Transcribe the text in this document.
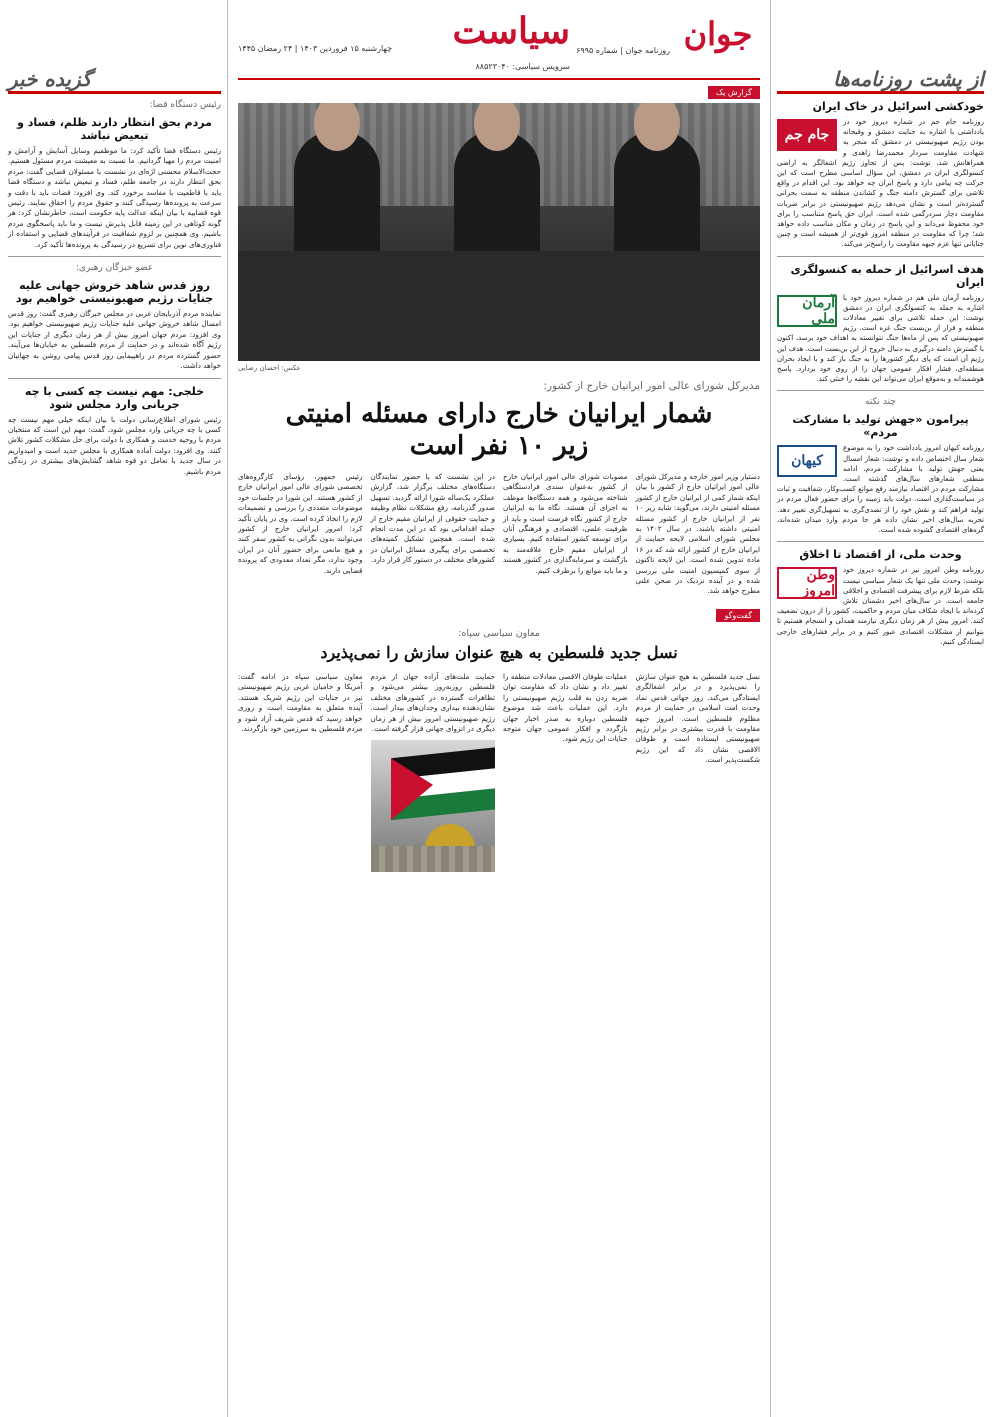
از پشت روزنامه‌ها
خودکشی اسرائیل در خاک ایران
جام جم
روزنامه جام جم در شماره دیروز خود در یادداشتی با اشاره به جنایت دمشق و وقیحانه بودن رژیم صهیونیستی در دمشق که منجر به شهادت مقاومت سردار محمدرضا زاهدی و همراهانش شد، نوشت: پس از تجاوز رژیم اشغالگر به اراضی کنسولگری ایران در دمشق، این سؤال اساسی مطرح است که این حرکت چه پیامی دارد و پاسخ ایران چه خواهد بود. این اقدام در واقع تلاشی برای گسترش دامنه جنگ و کشاندن منطقه به سمت بحرانی گسترده‌تر است و نشان می‌دهد رژیم صهیونیستی در برابر ضربات مقاومت دچار سردرگمی شده است. ایران حق پاسخ متناسب را برای خود محفوظ می‌داند و این پاسخ در زمان و مکان مناسب داده خواهد شد؛ چرا که مقاومت در منطقه امروز قوی‌تر از همیشه است و چنین جنایاتی تنها عزم جبهه مقاومت را راسخ‌تر می‌کند.
هدف اسرائیل از حمله به کنسولگری ایران
آرمان ملی
روزنامه آرمان ملی هم در شماره دیروز خود با اشاره به حمله به کنسولگری ایران در دمشق نوشت: این حمله تلاشی برای تغییر معادلات منطقه و فرار از بن‌بست جنگ غزه است. رژیم صهیونیستی که پس از ماه‌ها جنگ نتوانسته به اهداف خود برسد، اکنون با گسترش دامنه درگیری به دنبال خروج از این بن‌بست است. هدف این رژیم آن است که پای دیگر کشورها را به جنگ باز کند و با ایجاد بحران منطقه‌ای، فشار افکار عمومی جهان را از روی خود بردارد. پاسخ هوشمندانه و به‌موقع ایران می‌تواند این نقشه را خنثی کند.
چند نکته
پیرامون «جهش تولید با مشارکت مردم»
کیهان
روزنامه کیهان امروز یادداشت خود را به موضوع شعار سال اختصاص داده و نوشت: شعار امسال یعنی جهش تولید با مشارکت مردم، ادامه منطقی شعارهای سال‌های گذشته است. مشارکت مردم در اقتصاد نیازمند رفع موانع کسب‌وکار، شفافیت و ثبات در سیاست‌گذاری است. دولت باید زمینه را برای حضور فعال مردم در تولید فراهم کند و نقش خود را از تصدی‌گری به تسهیل‌گری تغییر دهد. تجربه سال‌های اخیر نشان داده هر جا مردم وارد میدان شده‌اند، گره‌های اقتصادی گشوده شده است.
وحدت ملی، از اقتصاد تا اخلاق
وطن امروز
روزنامه وطن امروز نیز در شماره دیروز خود نوشت: وحدت ملی تنها یک شعار سیاسی نیست بلکه شرط لازم برای پیشرفت اقتصادی و اخلاقی جامعه است. در سال‌های اخیر دشمنان تلاش کرده‌اند با ایجاد شکاف میان مردم و حاکمیت، کشور را از درون تضعیف کنند. امروز بیش از هر زمان دیگری نیازمند همدلی و انسجام هستیم تا بتوانیم از مشکلات اقتصادی عبور کنیم و در برابر فشارهای خارجی ایستادگی کنیم.
جوان
سیاست روزنامه جوان | شماره ۶۹۹۵
چهارشنبه ۱۵ فروردین ۱۴۰۳ | ۲۴ رمضان ۱۴۴۵
سرویس سیاسی: ۸۸۵۲۳۰۴۰
گزارش یک
عکس: احسان رضایی
مدیرکل شورای عالی امور ایرانیان خارج از کشور:
شمار ایرانیان خارج دارای مسئله امنیتی
زیر ۱۰ نفر است
دستیار وزیر امور خارجه و مدیرکل شورای عالی امور ایرانیان خارج از کشور با بیان اینکه شمار کمی از ایرانیان خارج از کشور مسئله امنیتی دارند، می‌گوید: شاید زیر ۱۰ نفر از ایرانیان خارج از کشور مسئله امنیتی داشته باشند. در سال ۱۴۰۲ به مجلس شورای اسلامی لایحه حمایت از ایرانیان خارج از کشور ارائه شد که در ۱۶ ماده تدوین شده است. این لایحه تاکنون از سوی کمیسیون امنیت ملی بررسی شده و در آینده نزدیک در صحن علنی مطرح خواهد شد.
مصوبات شورای عالی امور ایرانیان خارج از کشور به‌عنوان سندی فرادستگاهی شناخته می‌شود و همه دستگاه‌ها موظف به اجرای آن هستند. نگاه ما به ایرانیان خارج از کشور نگاه فرصت است و باید از ظرفیت علمی، اقتصادی و فرهنگی آنان برای توسعه کشور استفاده کنیم. بسیاری از ایرانیان مقیم خارج علاقه‌مند به بازگشت و سرمایه‌گذاری در کشور هستند و ما باید موانع را برطرف کنیم.
در این نشست که با حضور نمایندگان دستگاه‌های مختلف برگزار شد، گزارش عملکرد یک‌ساله شورا ارائه گردید. تسهیل صدور گذرنامه، رفع مشکلات نظام وظیفه و حمایت حقوقی از ایرانیان مقیم خارج از جمله اقداماتی بود که در این مدت انجام شده است. همچنین تشکیل کمیته‌های تخصصی برای پیگیری مسائل ایرانیان در کشورهای مختلف در دستور کار قرار دارد.
رئیس جمهور، رؤسای کارگروه‌های تخصصی شورای عالی امور ایرانیان خارج از کشور هستند. این شورا در جلسات خود موضوعات متعددی را بررسی و تصمیمات لازم را اتخاذ کرده است. وی در پایان تأکید کرد: امروز ایرانیان خارج از کشور می‌توانند بدون نگرانی به کشور سفر کنند و هیچ مانعی برای حضور آنان در ایران وجود ندارد، مگر تعداد معدودی که پرونده قضایی دارند.
گفت‌وگو
معاون سیاسی سپاه:
نسل جدید فلسطین به هیچ عنوان سازش را نمی‌پذیرد
نسل جدید فلسطین به هیچ عنوان سازش را نمی‌پذیرد و در برابر اشغالگری ایستادگی می‌کند. روز جهانی قدس نماد وحدت امت اسلامی در حمایت از مردم مظلوم فلسطین است. امروز جبهه مقاومت با قدرت بیشتری در برابر رژیم صهیونیستی ایستاده است و طوفان الاقصی نشان داد که این رژیم شکست‌پذیر است.
عملیات طوفان الاقصی معادلات منطقه را تغییر داد و نشان داد که مقاومت توان ضربه زدن به قلب رژیم صهیونیستی را دارد. این عملیات باعث شد موضوع فلسطین دوباره به صدر اخبار جهان بازگردد و افکار عمومی جهان متوجه جنایات این رژیم شود.
حمایت ملت‌های آزاده جهان از مردم فلسطین روزبه‌روز بیشتر می‌شود و تظاهرات گسترده در کشورهای مختلف نشان‌دهنده بیداری وجدان‌های بیدار است. رژیم صهیونیستی امروز بیش از هر زمان دیگری در انزوای جهانی قرار گرفته است.
معاون سیاسی سپاه در ادامه گفت: آمریکا و حامیان غربی رژیم صهیونیستی نیز در جنایات این رژیم شریک هستند. آینده متعلق به مقاومت است و روزی خواهد رسید که قدس شریف آزاد شود و مردم فلسطین به سرزمین خود بازگردند.
گزیده خبر
رئیس دستگاه قضا:
مردم بحق انتظار دارند ظلم، فساد و تبعیض نباشد
رئیس دستگاه قضا تأکید کرد: ما موظفیم وسایل آسایش و آرامش و امنیت مردم را مهیا گردانیم. ما نسبت به معیشت مردم مسئول هستیم. حجت‌الاسلام محسنی اژه‌ای در نشست با مسئولان قضایی گفت: مردم بحق انتظار دارند در جامعه ظلم، فساد و تبعیض نباشد و دستگاه قضا باید با قاطعیت با مفاسد برخورد کند. وی افزود: قضات باید با دقت و سرعت به پرونده‌ها رسیدگی کنند و حقوق مردم را احقاق نمایند. رئیس قوه قضاییه با بیان اینکه عدالت پایه حکومت است، خاطرنشان کرد: هر گونه کوتاهی در این زمینه قابل پذیرش نیست و ما باید پاسخگوی مردم باشیم. وی همچنین بر لزوم شفافیت در فرآیندهای قضایی و استفاده از فناوری‌های نوین برای تسریع در رسیدگی به پرونده‌ها تأکید کرد.
عضو خبرگان رهبری:
روز قدس شاهد خروش جهانی علیه جنایات رژیم صهیونیستی خواهیم بود
نماینده مردم آذربایجان غربی در مجلس خبرگان رهبری گفت: روز قدس امسال شاهد خروش جهانی علیه جنایات رژیم صهیونیستی خواهیم بود. وی افزود: مردم جهان امروز بیش از هر زمان دیگری از جنایات این رژیم آگاه شده‌اند و در حمایت از مردم فلسطین به خیابان‌ها می‌آیند. حضور گسترده مردم در راهپیمایی روز قدس پیامی روشن به جهانیان خواهد داشت.
خلجی: مهم نیست چه کسی با چه جریانی وارد مجلس شود
رئیس شورای اطلاع‌رسانی دولت با بیان اینکه خیلی مهم نیست چه کسی با چه جریانی وارد مجلس شود، گفت: مهم این است که منتخبان مردم با روحیه خدمت و همکاری با دولت برای حل مشکلات کشور تلاش کنند. وی افزود: دولت آماده همکاری با مجلس جدید است و امیدواریم در سال جدید با تعامل دو قوه شاهد گشایش‌های بیشتری در زندگی مردم باشیم.
